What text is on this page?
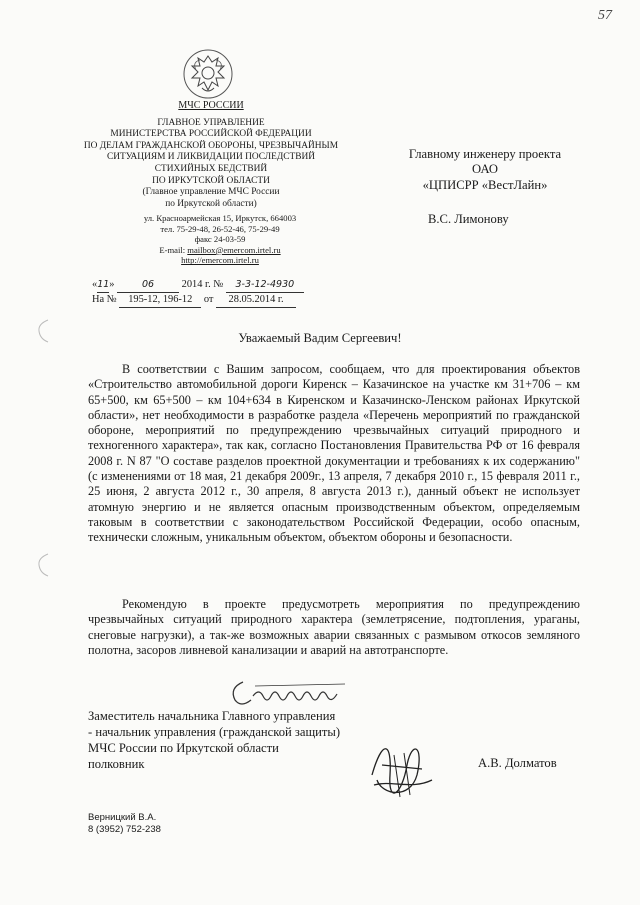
57
МЧС РОССИИ
ГЛАВНОЕ УПРАВЛЕНИЕ
МИНИСТЕРСТВА РОССИЙСКОЙ ФЕДЕРАЦИИ
ПО ДЕЛАМ ГРАЖДАНСКОЙ ОБОРОНЫ, ЧРЕЗВЫЧАЙНЫМ
СИТУАЦИЯМ И ЛИКВИДАЦИИ ПОСЛЕДСТВИЙ
СТИХИЙНЫХ БЕДСТВИЙ
ПО ИРКУТСКОЙ ОБЛАСТИ
(Главное управление МЧС России
по Иркутской области)
ул. Красноармейская 15, Иркутск, 664003
тел. 75-29-48, 26-52-46, 75-29-49
факс 24-03-59
E-mail: mailbox@emercom.irtel.ru
http://emercom.irtel.ru
«11»	06	2014 г. № 3-3-12-4930
На № 195-12, 196-12 от 28.05.2014 г.
Главному инженеру проекта
ОАО
«ЦПИСРР «ВестЛайн»
В.С. Лимонову
Уважаемый Вадим Сергеевич!

В соответствии с Вашим запросом, сообщаем, что для проектирования объектов «Строительство автомобильной дороги Киренск – Казачинское на участке км 31+706 – км 65+500, км 65+500 – км 104+634 в Киренском и Казачинско-Ленском районах Иркутской области», нет необходимости в разработке раздела «Перечень мероприятий по гражданской обороне, мероприятий по предупреждению чрезвычайных ситуаций природного и техногенного характера», так как, согласно Постановления Правительства РФ от 16 февраля 2008 г. N 87 "О составе разделов проектной документации и требованиях к их содержанию" (с изменениями от 18 мая, 21 декабря 2009г., 13 апреля, 7 декабря 2010 г., 15 февраля 2011 г., 25 июня, 2 августа 2012 г., 30 апреля, 8 августа 2013 г.), данный объект не использует атомную энергию и не является опасным производственным объектом, определяемым таковым в соответствии с законодательством Российской Федерации, особо опасным, технически сложным, уникальным объектом, объектом обороны и безопасности.

Рекомендую в проекте предусмотреть мероприятия по предупреждению чрезвычайных ситуаций природного характера (землетрясение, подтопления, ураганы, снеговые нагрузки), а так-же возможных аварии связанных с размывом откосов земляного полотна, засоров ливневой канализации и аварий на автотранспорте.

Заместитель начальника Главного управления
- начальник управления (гражданской защиты)
МЧС России по Иркутской области
полковник	А.В. Долматов
Верницкий В.А.
8 (3952) 752-238
